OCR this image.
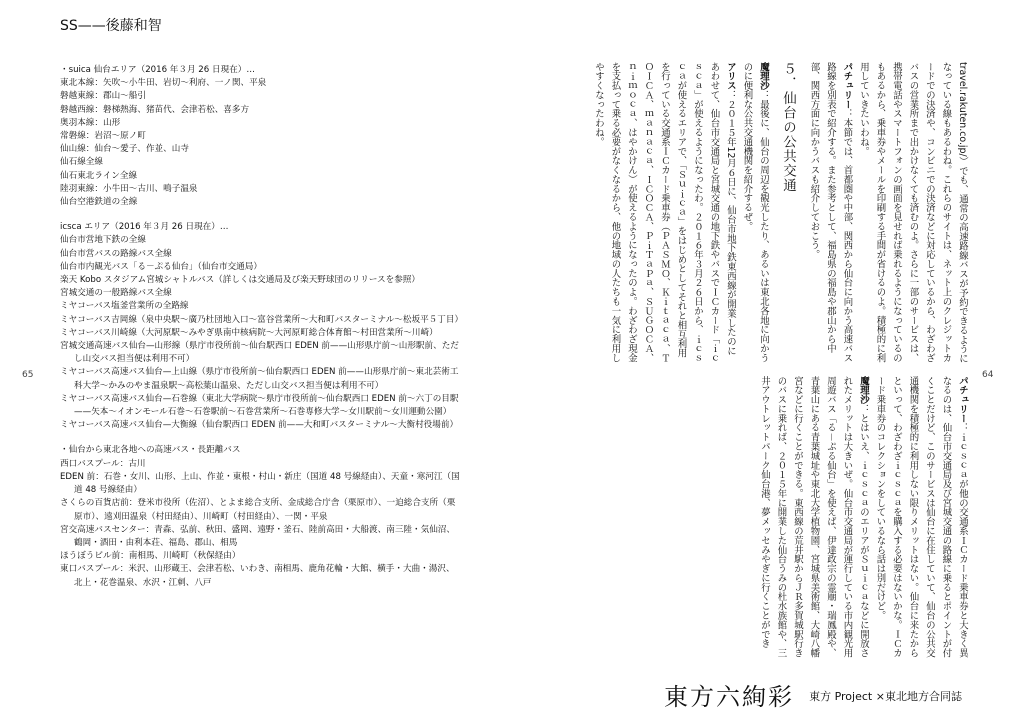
SS——後藤和智
65	64

・suica 仙台エリア（2016 年３月 26 日現在）…

東北本線：矢吹〜小牛田、岩切〜利府、一ノ関、平泉

磐越東線：郡山〜船引

磐越西線：磐梯熱海、猪苗代、会津若松、喜多方

奥羽本線：山形

常磐線：岩沼〜原ノ町

仙山線：仙台〜愛子、作並、山寺

仙石線全線

仙石東北ライン全線

陸羽東線：小牛田〜古川、鳴子温泉

仙台空港鉄道の全線

icsca エリア（2016 年３月 26 日現在）…

仙台市営地下鉄の全線

仙台市営バスの路線バス全線

仙台市内観光バス「る－ぷる仙台」（仙台市交通局）

楽天 Kobo スタジアム宮城シャトルバス（詳しくは交通局及び楽天野球団のリリースを参照）

宮城交通の一般路線バス全線

ミヤコーバス塩釜営業所の全路線

ミヤコーバス吉岡線（泉中央駅〜廣乃杜団地入口〜富谷営業所〜大和町バスターミナル〜松坂平５丁目）

ミヤコーバス川崎線（大河原駅〜みやぎ県南中核病院〜大河原町総合体育館〜村田営業所〜川崎）

宮城交通高速バス仙台—山形線（県庁市役所前〜仙台駅西口 EDEN 前——山形県庁前〜山形駅前、ただし山交バス担当便は利用不可）

ミヤコーバス高速バス仙台—上山線（県庁市役所前〜仙台駅西口 EDEN 前——山形県庁前〜東北芸術工科大学〜かみのやま温泉駅〜高松葉山温泉、ただし山交バス担当便は利用不可）

ミヤコーバス高速バス仙台—石巻線（東北大学病院〜県庁市役所前〜仙台駅西口 EDEN 前〜六丁の目駅——矢本〜イオンモール石巻〜石巻駅前〜石巻営業所〜石巻専修大学〜女川駅前〜女川運動公園）

ミヤコーバス高速バス仙台—大衡線（仙台駅西口 EDEN 前——大和町バスターミナル〜大衡村役場前）

・仙台から東北各地への高速バス・長距離バス

西口バスプール：古川

EDEN 前：石巻・女川、山形、上山、作並・東根・村山・新庄（国道 48 号線経由）、天童・寒河江（国道 48 号線経由）

さくらの百貨店前：登米市役所（佐沼）、とよま総合支所、金成総合庁舎（栗原市）、一迫総合支所（栗原市）、遠刈田温泉（村田経由）、川崎町（村田経由）、一関・平泉

宮交高速バスセンター：青森、弘前、秋田、盛岡、遠野・釜石、陸前高田・大船渡、南三陸・気仙沼、鶴岡・酒田・由利本荘、福島、郡山、相馬

ほうぼうビル前：南相馬、川崎町（秋保経由）

東口バスプール：米沢、山形蔵王、会津若松、いわき、南相馬、鹿角花輪・大館、横手・大曲・湯沢、北上・花巻温泉、水沢・江刺、八戸

travel.rakuten.co.jp/）でも、通常の高速路線バスが予約できるようになっている線もあるわね。これらのサイトは、ネット上のクレジットカードでの決済や、コンビニでの決済などに対応しているから、わざわざバスの営業所まで出かけなくても済むのよ。さらに一部のサービスは、携帯電話やスマートフォンの画面を見せれば乗れるようになっているのもあるから、乗車券やメールを印刷する手間が省けるのよ。積極的に利用していきたいわね。

パチュリー：本節では、首都圏や中部、関西から仙台に向かう高速バス路線を別表で紹介する。また参考として、福島県の福島や郡山から中部、関西方面に向かうバスも紹介しておこう。

５．仙台の公共交通

魔理沙：最後に、仙台の周辺を観光したり、あるいは東北各地に向かうのに便利な公共交通機関を紹介するぜ。

アリス：２０１５年12月６日に、仙台市地下鉄東西線が開業したのにあわせて、仙台市交通局と宮城交通の地下鉄やバスでＩＣカード「ｉｃｓｃａ」が使えるようになったわ。２０１６年３月２６日から、ｉｃｓｃａが使えるエリアで、「Ｓｕｉｃａ」をはじめとしてそれと相互利用を行っている交通系ＩＣカード乗車券（ＰＡＳＭＯ、Ｋｉｔａｃａ、ＴＯＩＣＡ、ｍａｎａｃａ、ＩＣＯＣＡ、ＰｉＴａＰａ、ＳＵＧＯＣＡ、ｎｉｍｏｃａ、はやかけん）が使えるようになったのよ。わざわざ現金を支払って乗る必要がなくなるから、他の地域の人たちも一気に利用しやすくなったわね。

パチュリー：ｉｃｓｃａが他の交通系ＩＣカード乗車券と大きく異なるのは、仙台市交通局及び宮城交通の路線に乗るとポイントが付くことだけど、このサービスは仙台に在住していて、仙台の公共交通機関を積極的に利用しない限りメリットはない。仙台に来たからといって、わざわざｉｃｓｃａを購入する必要はないかな。ＩＣカード乗車券のコレクションをしているなら話は別だけど。

魔理沙：とはいえ、ｉｃｓｃａのエリアがＳｕｉｃａなどに開放されたメリットは大きいぜ。仙台市交通局が運行している市内観光用周遊バス「る－ぷる仙台」を使えば、伊達政宗の霊廟・瑞鳳殿や、青葉山にある青葉城址や東北大学植物園、宮城県美術館、大崎八幡宮などに行くことができる。東西線の荒井駅からＪＲ多賀城駅行きのバスに乗れば、２０１５年に開業した仙台うみの杜水族館や、三井アウトレットパーク仙台港、夢メッセみやぎに行くことができ

東方六絢彩 東方 Project ×東北地方合同誌
